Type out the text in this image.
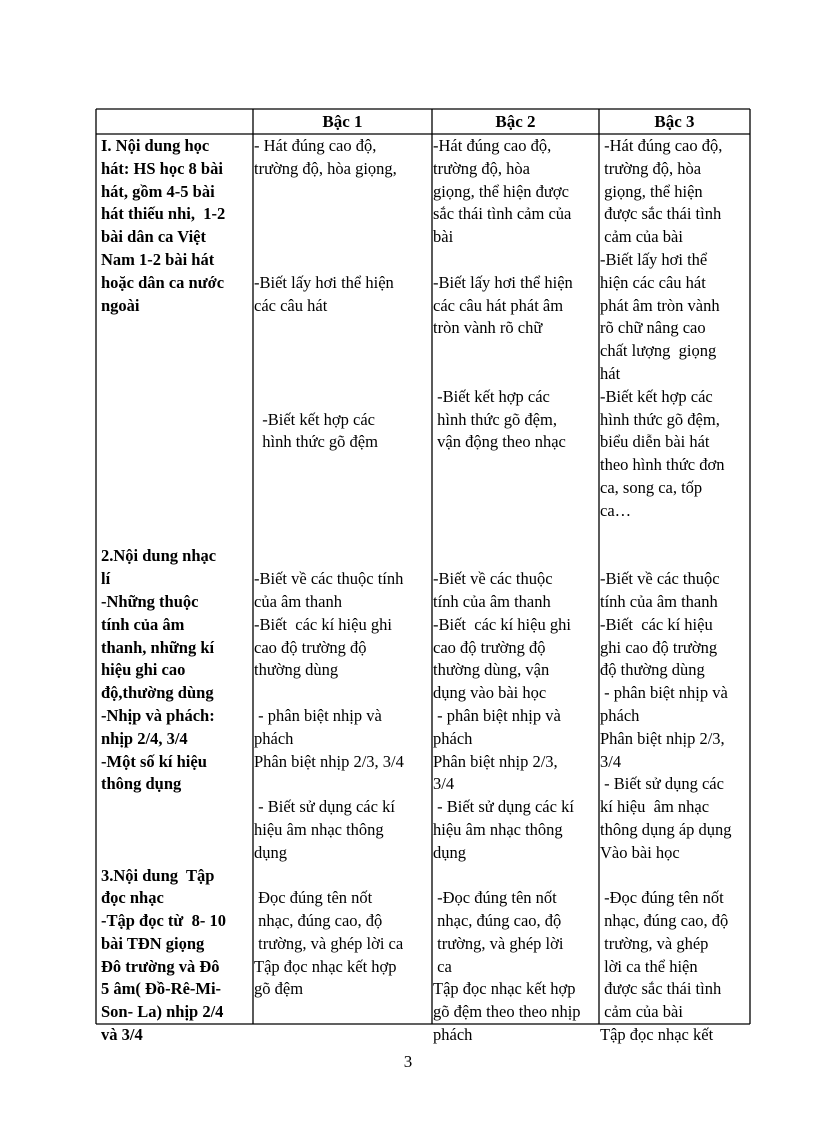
Bậc 1	Bậc 2	Bậc 3
I. Nội dung học
hát: HS học 8 bài
hát, gồm 4-5 bài
hát thiếu nhi,  1-2
bài dân ca Việt
Nam 1-2 bài hát
hoặc dân ca nước
ngoài
2.Nội dung nhạc
lí
-Những thuộc
tính của âm
thanh, những kí
hiệu ghi cao
độ,thường dùng
-Nhịp và phách:
nhịp 2/4, 3/4
-Một số kí hiệu
thông dụng
3.Nội dung  Tập
đọc nhạc
-Tập đọc từ  8- 10
bài TĐN giọng
Đô trường và Đô
5 âm( Đồ-Rê-Mi-
Son- La) nhịp 2/4
và 3/4
- Hát đúng cao độ,
trường độ, hòa giọng,
-Biết lấy hơi thể hiện
các câu hát
-Biết kết hợp các
hình thức gõ đệm
-Biết về các thuộc tính
của âm thanh
-Biết  các kí hiệu ghi
cao độ trường độ
thường dùng
- phân biệt nhịp và
phách
Phân biệt nhịp 2/3, 3/4
- Biết sử dụng các kí
hiệu âm nhạc thông
dụng
Đọc đúng tên nốt
nhạc, đúng cao, độ
trường, và ghép lời ca
Tập đọc nhạc kết hợp
gõ đệm
-Hát đúng cao độ,
trường độ, hòa
giọng, thể hiện được
sắc thái tình cảm của
bài
-Biết lấy hơi thể hiện
các câu hát phát âm
tròn vành rõ chữ
-Biết kết hợp các
hình thức gõ đệm,
vận động theo nhạc
-Biết về các thuộc
tính của âm thanh
-Biết  các kí hiệu ghi
cao độ trường độ
thường dùng, vận
dụng vào bài học
- phân biệt nhịp và
phách
Phân biệt nhịp 2/3,
3/4
- Biết sử dụng các kí
hiệu âm nhạc thông
dụng
-Đọc đúng tên nốt
nhạc, đúng cao, độ
trường, và ghép lời
ca
Tập đọc nhạc kết hợp
gõ đệm theo theo nhịp
phách
-Hát đúng cao độ,
trường độ, hòa
giọng, thể hiện
được sắc thái tình
cảm của bài
-Biết lấy hơi thể
hiện các câu hát
phát âm tròn vành
rõ chữ nâng cao
chất lượng  giọng
hát
-Biết kết hợp các
hình thức gõ đệm,
biểu diễn bài hát
theo hình thức đơn
ca, song ca, tốp
ca…
-Biết về các thuộc
tính của âm thanh
-Biết  các kí hiệu
ghi cao độ trường
độ thường dùng
- phân biệt nhịp và
phách
Phân biệt nhịp 2/3,
3/4
- Biết sử dụng các
kí hiệu  âm nhạc
thông dụng áp dụng
Vào bài học
-Đọc đúng tên nốt
nhạc, đúng cao, độ
trường, và ghép
lời ca thể hiện
được sắc thái tình
cảm của bài
Tập đọc nhạc kết
3
